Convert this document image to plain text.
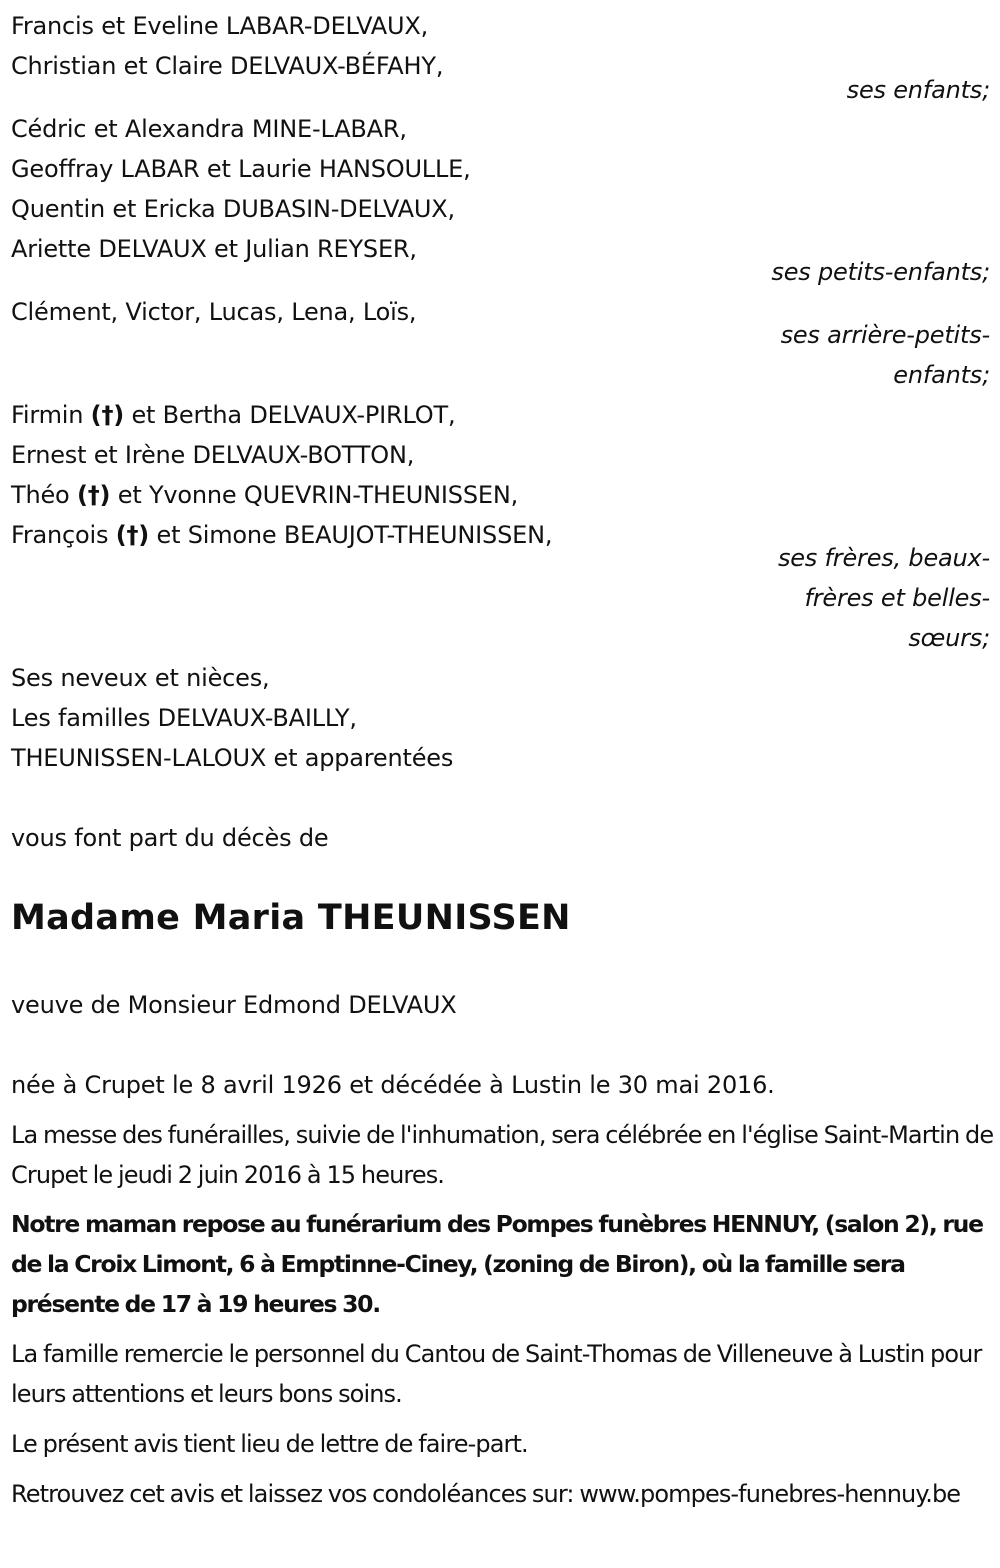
Francis et Eveline LABAR-DELVAUX,
Christian et Claire DELVAUX-BÉFAHY,
ses enfants;
Cédric et Alexandra MINE-LABAR,
Geoffray LABAR et Laurie HANSOULLE,
Quentin et Ericka DUBASIN-DELVAUX,
Ariette DELVAUX et Julian REYSER,
ses petits-enfants;
Clément, Victor, Lucas, Lena, Loïs,
ses arrière-petits-
enfants;
Firmin (†) et Bertha DELVAUX-PIRLOT,
Ernest et Irène DELVAUX-BOTTON,
Théo (†) et Yvonne QUEVRIN-THEUNISSEN,
François (†) et Simone BEAUJOT-THEUNISSEN,
ses frères, beaux-
frères et belles-
sœurs;
Ses neveux et nièces,
Les familles DELVAUX-BAILLY,
THEUNISSEN-LALOUX et apparentées
vous font part du décès de
Madame Maria THEUNISSEN
veuve de Monsieur Edmond DELVAUX
née à Crupet le 8 avril 1926 et décédée à Lustin le 30 mai 2016.
La messe des funérailles, suivie de l'inhumation, sera célébrée en l'église Saint-Martin de Crupet le jeudi 2 juin 2016 à 15 heures.
Notre maman repose au funérarium des Pompes funèbres HENNUY, (salon 2), rue de la Croix Limont, 6 à Emptinne-Ciney, (zoning de Biron), où la famille sera présente de 17 à 19 heures 30.
La famille remercie le personnel du Cantou de Saint-Thomas de Villeneuve à Lustin pour leurs attentions et leurs bons soins.
Le présent avis tient lieu de lettre de faire-part.
Retrouvez cet avis et laissez vos condoléances sur: www.pompes-funebres-hennuy.be
